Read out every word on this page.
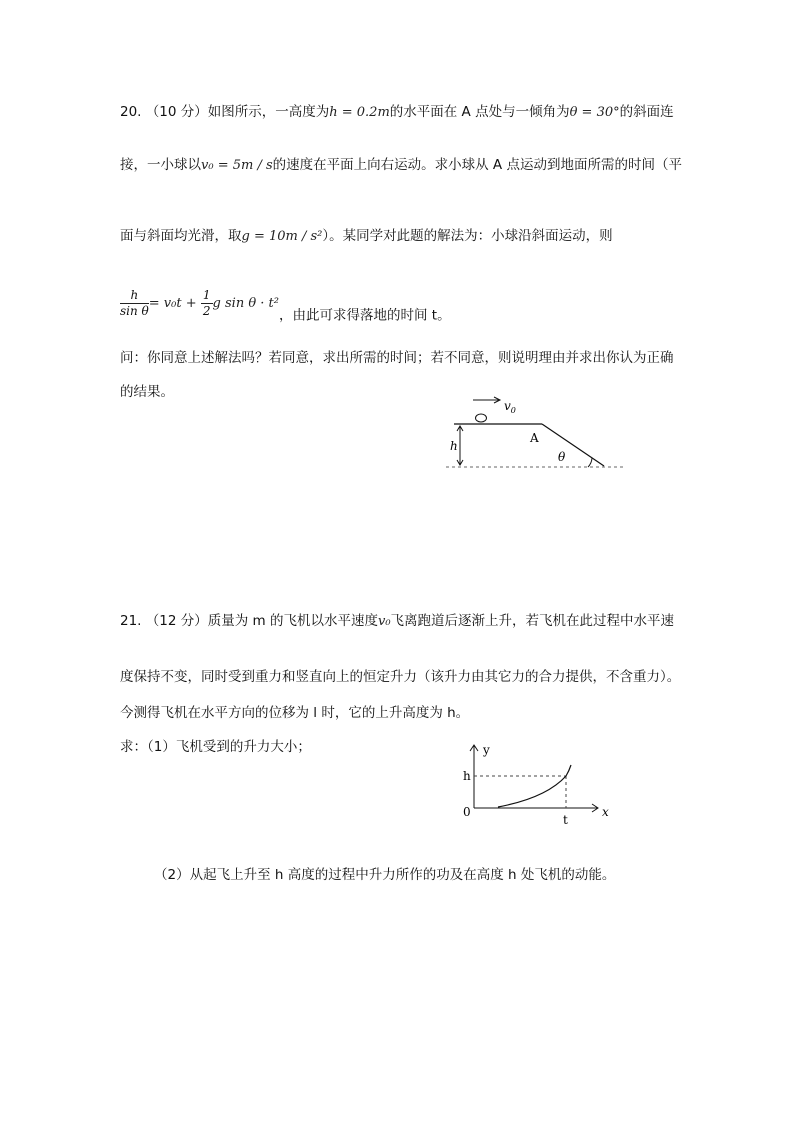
20. （10 分）如图所示，一高度为h = 0.2m的水平面在 A 点处与一倾角为θ = 30°的斜面连
接，一小球以v₀ = 5m / s的速度在平面上向右运动。求小球从 A 点运动到地面所需的时间（平
面与斜面均光滑，取g = 10m / s²）。某同学对此题的解法为：小球沿斜面运动，则
$\frac{h}{\text{sin θ}} = v_0t + \frac{1}{2}$ g sin θ · t²，由此可求得落地的时间 t。
问：你同意上述解法吗？若同意，求出所需的时间；若不同意，则说明理由并求出你认为正确
的结果。
$v_0$
A
h
θ
21. （12 分）质量为 m 的飞机以水平速度v₀飞离跑道后逐渐上升，若飞机在此过程中水平速
度保持不变，同时受到重力和竖直向上的恒定升力（该升力由其它力的合力提供，不含重力）。
今测得飞机在水平方向的位移为 l 时，它的上升高度为 h。
求：（1）飞机受到的升力大小；
（2）从起飞上升至 h 高度的过程中升力所作的功及在高度 h 处飞机的动能。
y
x
h
0
t
